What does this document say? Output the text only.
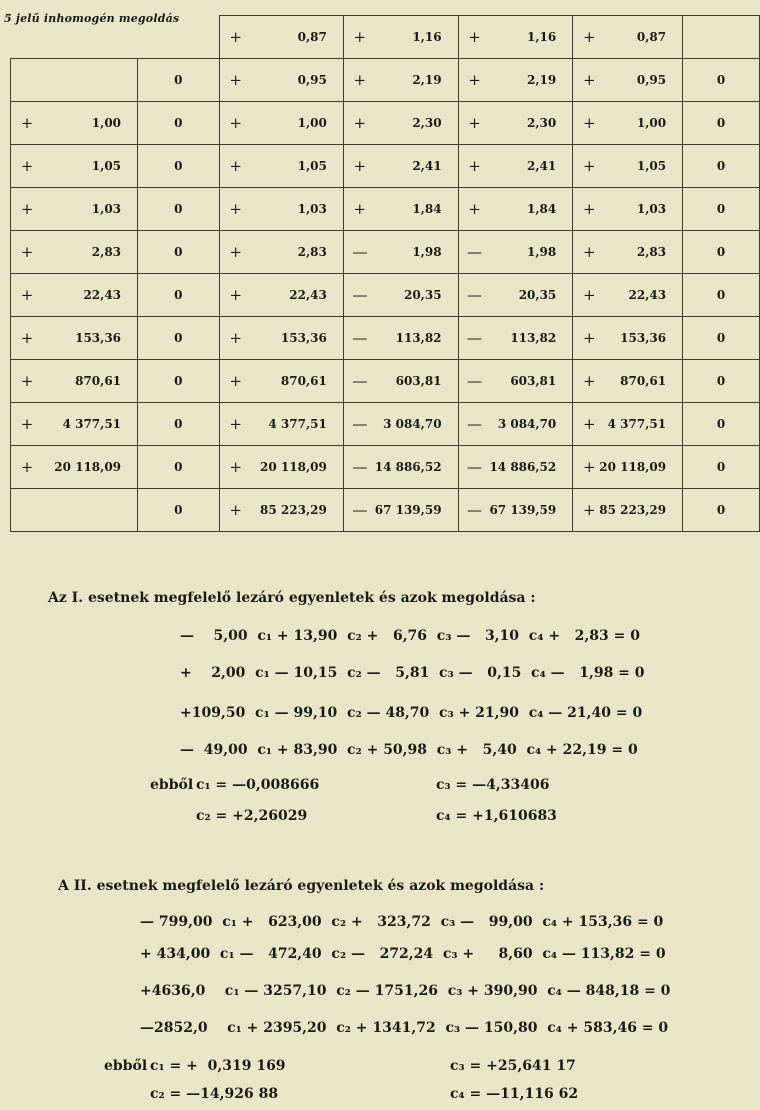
5 jelű inhomogén megoldás

		+ 0,87	+ 1,16	+ 1,16	+ 0,87	

	0	+ 0,95	+ 2,19	+ 2,19	+ 0,95	0

+ 1,00	0	+ 1,00	+ 2,30	+ 2,30	+ 1,00	0

+ 1,05	0	+ 1,05	+ 2,41	+ 2,41	+ 1,05	0

+ 1,03	0	+ 1,03	+ 1,84	+ 1,84	+ 1,03	0

+ 2,83	0	+ 2,83	— 1,98	— 1,98	+ 2,83	0

+ 22,43	0	+ 22,43	— 20,35	— 20,35	+ 22,43	0

+ 153,36	0	+ 153,36	— 113,82	— 113,82	+ 153,36	0

+ 870,61	0	+ 870,61	— 603,81	— 603,81	+ 870,61	0

+ 4 377,51	0	+ 4 377,51	— 3 084,70	— 3 084,70	+ 4 377,51	0

+ 20 118,09	0	+ 20 118,09	— 14 886,52	— 14 886,52	+ 20 118,09	0
	0	+ 85 223,29	— 67 139,59	— 67 139,59	+ 85 223,29	0
Az I. esetnek megfelelő lezáró egyenletek és azok megoldása :
—    5,00  c₁ + 13,90  c₂ +   6,76  c₃ —   3,10  c₄ +   2,83 = 0
+    2,00  c₁ — 10,15  c₂ —   5,81  c₃ —   0,15  c₄ —   1,98 = 0
+109,50  c₁ — 99,10  c₂ — 48,70  c₃ + 21,90  c₄ — 21,40 = 0
—  49,00  c₁ + 83,90  c₂ + 50,98  c₃ +   5,40  c₄ + 22,19 = 0
ebből c₁ = —0,008666	c₃ = —4,33406
c₂ = +2,26029	c₄ = +1,610683
A II. esetnek megfelelő lezáró egyenletek és azok megoldása :
— 799,00  c₁ +   623,00  c₂ +   323,72  c₃ —   99,00  c₄ + 153,36 = 0
+ 434,00  c₁ —   472,40  c₂ —   272,24  c₃ +     8,60  c₄ — 113,82 = 0
+4636,0    c₁ — 3257,10  c₂ — 1751,26  c₃ + 390,90  c₄ — 848,18 = 0
—2852,0    c₁ + 2395,20  c₂ + 1341,72  c₃ — 150,80  c₄ + 583,46 = 0
ebből c₁ = +  0,319 169	c₃ = +25,641 17
c₂ = —14,926 88	c₄ = —11,116 62
